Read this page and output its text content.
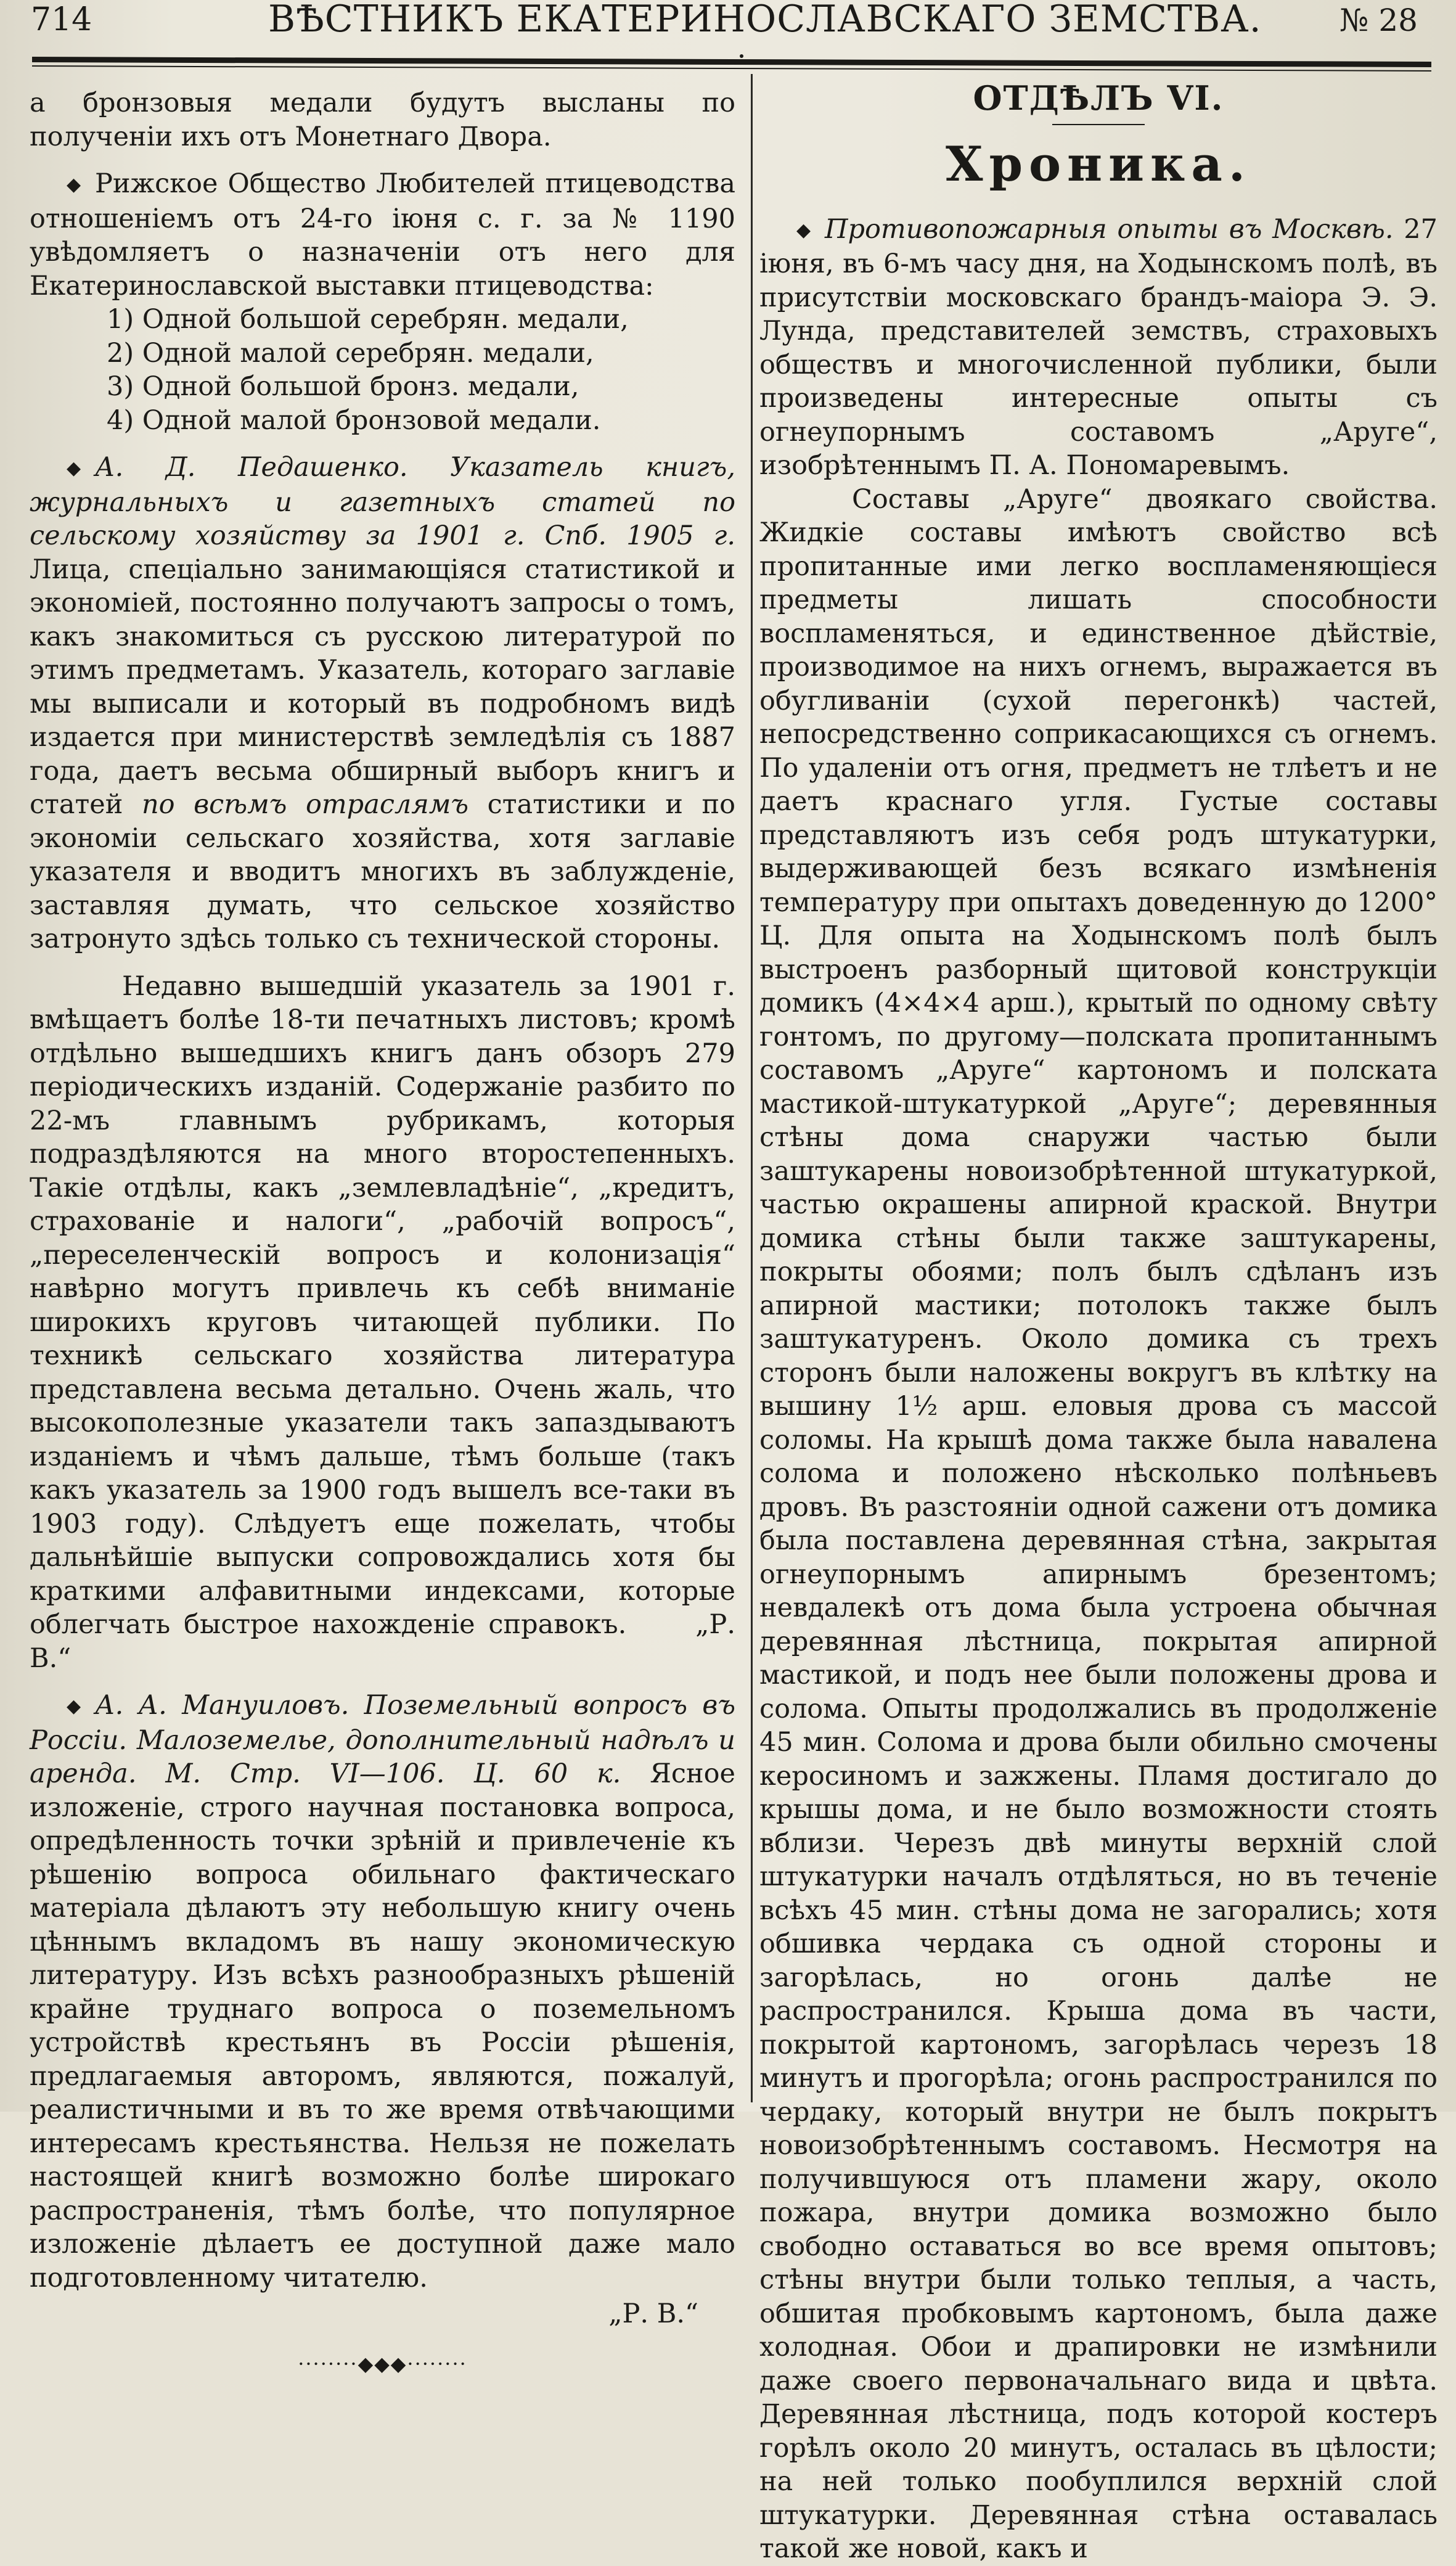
714	ВѢСТНИКЪ ЕКАТЕРИНОСЛАВСКАГО ЗЕМСТВА.	№ 28

а бронзовыя медали будутъ высланы по полученiи ихъ отъ Монетнаго Двора.

◆ Рижское Общество Любителей птицеводства отношенiемъ отъ 24-го iюня с. г. за № 1190 увѣдомляетъ о назначенiи отъ него для Екатеринославской выставки птицеводства:

1) Одной большой серебрян. медали,
2) Одной малой серебрян. медали,
3) Одной большой бронз. медали,
4) Одной малой бронзовой медали.

◆ А. Д. Педашенко. Указатель книгъ, журнальныхъ и газетныхъ статей по сельскому хозяйству за 1901 г. Спб. 1905 г. Лица, спецiально занимающiяся статистикой и экономiей, постоянно получаютъ запросы о томъ, какъ знакомиться съ русскою литературой по этимъ предметамъ. Указатель, котораго заглавiе мы выписали и который въ подробномъ видѣ издается при министерствѣ земледѣлiя съ 1887 года, даетъ весьма обширный выборъ книгъ и статей по всѣмъ отраслямъ статистики и по экономiи сельскаго хозяйства, хотя заглавiе указателя и вводитъ многихъ въ заблужденiе, заставляя думать, что сельское хозяйство затронуто здѣсь только съ технической стороны.

Недавно вышедшiй указатель за 1901 г. вмѣщаетъ болѣе 18-ти печатныхъ листовъ; кромѣ отдѣльно вышедшихъ книгъ данъ обзоръ 279 перiодическихъ изданiй. Содержанiе разбито по 22-мъ главнымъ рубрикамъ, которыя подраздѣляются на много второстепенныхъ. Такiе отдѣлы, какъ „землевладѣнiе“, „кредитъ, страхованiе и налоги“, „рабочiй вопросъ“, „переселенческiй вопросъ и колонизацiя“ навѣрно могутъ привлечь къ себѣ вниманiе широкихъ круговъ читающей публики. По техникѣ сельскаго хозяйства литература представлена весьма детально. Очень жаль, что высокополезные указатели такъ запаздываютъ изданiемъ и чѣмъ дальше, тѣмъ больше (такъ какъ указатель за 1900 годъ вышелъ все-таки въ 1903 году). Слѣдуетъ еще пожелать, чтобы дальнѣйшiе выпуски сопровождались хотя бы краткими алфавитными индексами, которые облегчать быстрое нахожденiе справокъ.	„Р. В.“

◆ А. А. Мануиловъ. Поземельный вопросъ въ Россiи. Малоземелье, дополнительный надѣлъ и аренда. М. Стр. VI—106. Ц. 60 к. Ясное изложенiе, строго научная постановка вопроса, опредѣленность точки зрѣнiй и привлеченiе къ рѣшенiю вопроса обильнаго фактическаго матерiала дѣлаютъ эту небольшую книгу очень цѣннымъ вкладомъ въ нашу экономическую литературу. Изъ всѣхъ разнообразныхъ рѣшенiй крайне труднаго вопроса о поземельномъ устройствѣ крестьянъ въ Россiи рѣшенiя, предлагаемыя авторомъ, являются, пожалуй, реалистичными и въ то же время отвѣчающими интересамъ крестьянства. Нельзя не пожелать настоящей книгѣ возможно болѣе широкаго распространенiя, тѣмъ болѣе, что популярное изложенiе дѣлаетъ ее доступной даже мало подготовленному читателю.

„Р. В.“
········◆◆◆········
ОТДѢЛЪ VI.
Хроника.

◆ Противопожарныя опыты въ Москвѣ. 27 iюня, въ 6-мъ часу дня, на Ходынскомъ полѣ, въ присутствiи московскаго брандъ-маiора Э. Э. Лунда, представителей земствъ, страховыхъ обществъ и многочисленной публики, были произведены интересные опыты съ огнеупорнымъ составомъ „Аруге“, изобрѣтеннымъ П. А. Пономаревымъ.

Составы „Аруге“ двоякаго свойства. Жидкiе составы имѣютъ свойство всѣ пропитанные ими легко воспламеняющiеся предметы лишать способности воспламеняться, и единственное дѣйствiе, производимое на нихъ огнемъ, выражается въ обугливанiи (сухой перегонкѣ) частей, непосредственно соприкасающихся съ огнемъ. По удаленiи отъ огня, предметъ не тлѣетъ и не даетъ краснаго угля. Густые составы представляютъ изъ себя родъ штукатурки, выдерживающей безъ всякаго измѣненiя температуру при опытахъ доведенную до 1200° Ц. Для опыта на Ходынскомъ полѣ былъ выстроенъ разборный щитовой конструкцiи домикъ (4×4×4 арш.), крытый по одному свѣту гонтомъ, по другому—полската пропитаннымъ составомъ „Аруге“ картономъ и полската мастикой-штукатуркой „Аруге“; деревянныя стѣны дома снаружи частью были заштукарены новоизобрѣтенной штукатуркой, частью окрашены апирной краской. Внутри домика стѣны были также заштукарены, покрыты обоями; полъ былъ сдѣланъ изъ апирной мастики; потолокъ также былъ заштукатуренъ. Около домика съ трехъ сторонъ были наложены вокругъ въ клѣтку на вышину 1½ арш. еловыя дрова съ массой соломы. На крышѣ дома также была навалена солома и положено нѣсколько полѣньевъ дровъ. Въ разстоянiи одной сажени отъ домика была поставлена деревянная стѣна, закрытая огнеупорнымъ апирнымъ брезентомъ; невдалекѣ отъ дома была устроена обычная деревянная лѣстница, покрытая апирной мастикой, и подъ нее были положены дрова и солома. Опыты продолжались въ продолженiе 45 мин. Солома и дрова были обильно смочены керосиномъ и зажжены. Пламя достигало до крышы дома, и не было возможности стоять вблизи. Черезъ двѣ минуты верхнiй слой штукатурки началъ отдѣляться, но въ теченiе всѣхъ 45 мин. стѣны дома не загорались; хотя обшивка чердака съ одной стороны и загорѣлась, но огонь далѣе не распространился. Крыша дома въ части, покрытой картономъ, загорѣлась черезъ 18 минутъ и прогорѣла; огонь распространился по чердаку, который внутри не былъ покрытъ новоизобрѣтеннымъ составомъ. Несмотря на получившуюся отъ пламени жару, около пожара, внутри домика возможно было свободно оставаться во все время опытовъ; стѣны внутри были только теплыя, а часть, обшитая пробковымъ картономъ, была даже холодная. Обои и драпировки не измѣнили даже своего первоначальнаго вида и цвѣта. Деревянная лѣстница, подъ которой костеръ горѣлъ около 20 минутъ, осталась въ цѣлости; на ней только пообуплился верхнiй слой штукатурки. Деревянная стѣна оставалась такой же новой, какъ и
